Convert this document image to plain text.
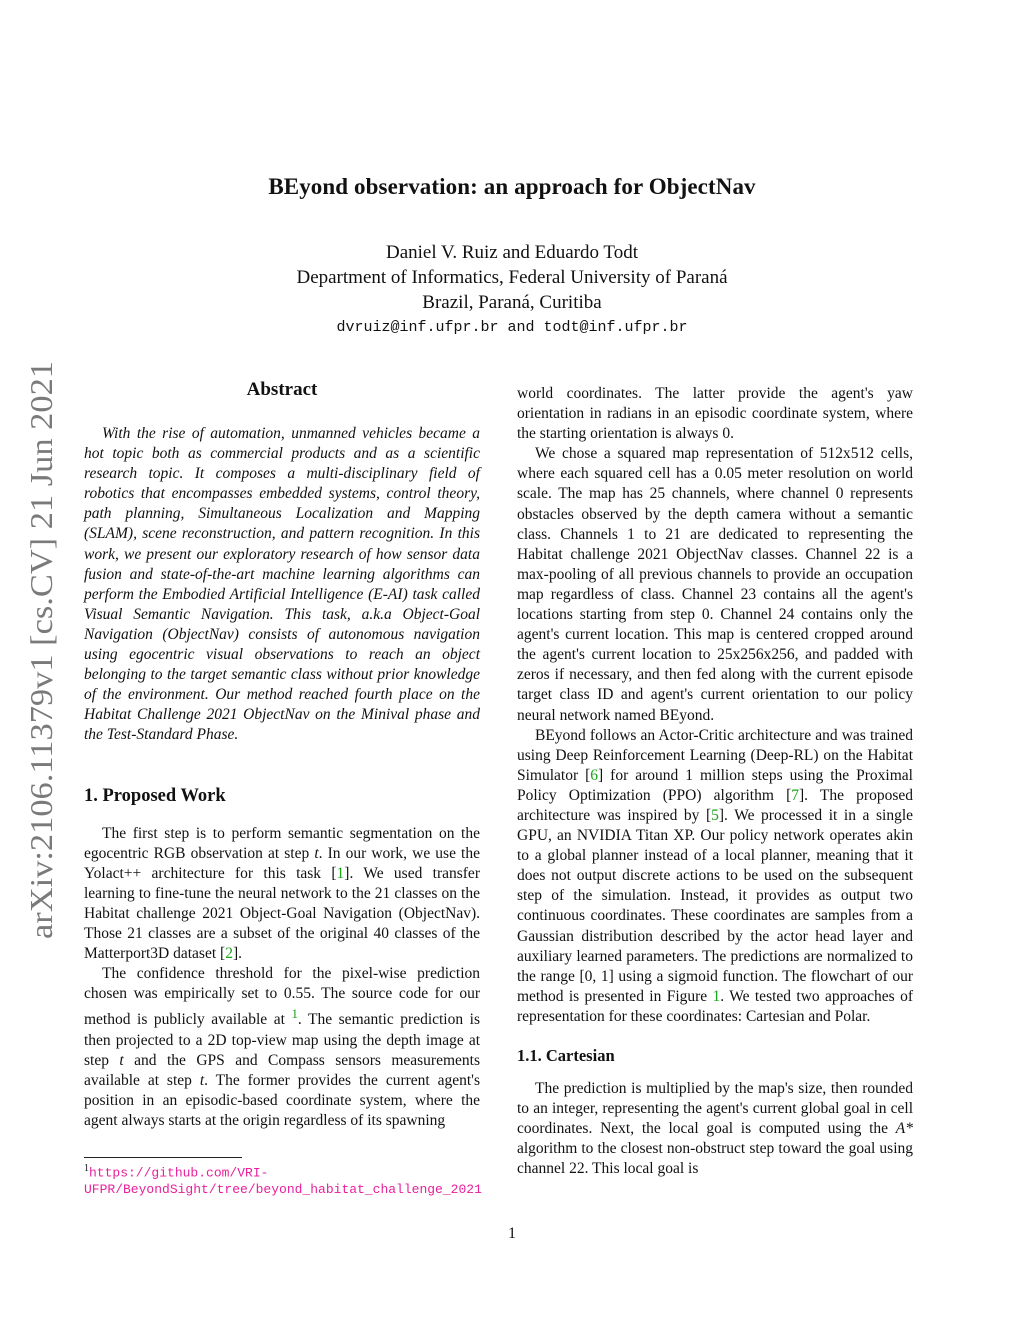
arXiv:2106.11379v1 [cs.CV] 21 Jun 2021
BEyond observation: an approach for ObjectNav
Daniel V. Ruiz and Eduardo Todt
Department of Informatics, Federal University of Paraná
Brazil, Paraná, Curitiba
dvruiz@inf.ufpr.br and todt@inf.ufpr.br
Abstract

With the rise of automation, unmanned vehicles became a hot topic both as commercial products and as a scientific research topic. It composes a multi-disciplinary field of robotics that encompasses embedded systems, control theory, path planning, Simultaneous Localization and Mapping (SLAM), scene reconstruction, and pattern recognition. In this work, we present our exploratory research of how sensor data fusion and state-of-the-art machine learning algorithms can perform the Embodied Artificial Intelligence (E-AI) task called Visual Semantic Navigation. This task, a.k.a Object-Goal Navigation (ObjectNav) consists of autonomous navigation using egocentric visual observations to reach an object belonging to the target semantic class without prior knowledge of the environment. Our method reached fourth place on the Habitat Challenge 2021 ObjectNav on the Minival phase and the Test-Standard Phase.

1. Proposed Work

The first step is to perform semantic segmentation on the egocentric RGB observation at step t. In our work, we use the Yolact++ architecture for this task [1]. We used transfer learning to fine-tune the neural network to the 21 classes on the Habitat challenge 2021 Object-Goal Navigation (ObjectNav). Those 21 classes are a subset of the original 40 classes of the Matterport3D dataset [2].

The confidence threshold for the pixel-wise prediction chosen was empirically set to 0.55. The source code for our method is publicly available at $^1$. The semantic prediction is then projected to a 2D top-view map using the depth image at step t and the GPS and Compass sensors measurements available at step t. The former provides the current agent's position in an episodic-based coordinate system, where the agent always starts at the origin regardless of its spawning

$^1$https://github.com/VRI-UFPR/BeyondSight/tree/beyond_habitat_challenge_2021

world coordinates. The latter provide the agent's yaw orientation in radians in an episodic coordinate system, where the starting orientation is always 0.

We chose a squared map representation of 512x512 cells, where each squared cell has a 0.05 meter resolution on world scale. The map has 25 channels, where channel 0 represents obstacles observed by the depth camera without a semantic class. Channels 1 to 21 are dedicated to representing the Habitat challenge 2021 ObjectNav classes. Channel 22 is a max-pooling of all previous channels to provide an occupation map regardless of class. Channel 23 contains all the agent's locations starting from step 0. Channel 24 contains only the agent's current location. This map is centered cropped around the agent's current location to 25x256x256, and padded with zeros if necessary, and then fed along with the current episode target class ID and agent's current orientation to our policy neural network named BEyond.

BEyond follows an Actor-Critic architecture and was trained using Deep Reinforcement Learning (Deep-RL) on the Habitat Simulator [6] for around 1 million steps using the Proximal Policy Optimization (PPO) algorithm [7]. The proposed architecture was inspired by [5]. We processed it in a single GPU, an NVIDIA Titan XP. Our policy network operates akin to a global planner instead of a local planner, meaning that it does not output discrete actions to be used on the subsequent step of the simulation. Instead, it provides as output two continuous coordinates. These coordinates are samples from a Gaussian distribution described by the actor head layer and auxiliary learned parameters. The predictions are normalized to the range [0, 1] using a sigmoid function. The flowchart of our method is presented in Figure 1. We tested two approaches of representation for these coordinates: Cartesian and Polar.

1.1. Cartesian

The prediction is multiplied by the map's size, then rounded to an integer, representing the agent's current global goal in cell coordinates. Next, the local goal is computed using the A* algorithm to the closest non-obstruct step toward the goal using channel 22. This local goal is

1
